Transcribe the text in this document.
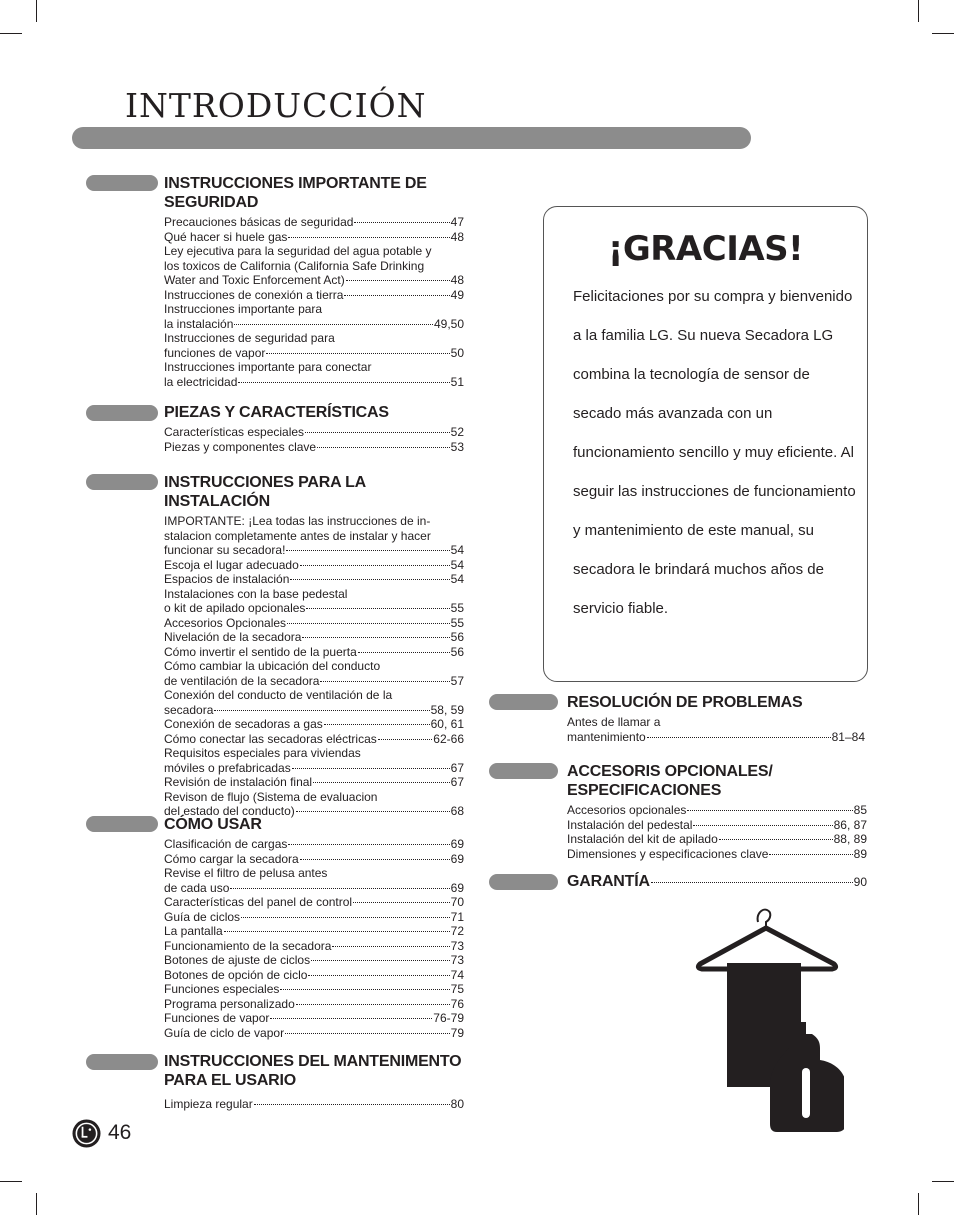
INTRODUCCIÓN
INSTRUCCIONES IMPORTANTE DE SEGURIDAD
Precauciones básicas de seguridad	47
Qué hacer si huele gas	48
Ley ejecutiva para la seguridad del agua potable y
los toxicos de California (California Safe Drinking
Water and Toxic Enforcement Act)	48
Instrucciones de conexión a tierra	49
Instrucciones importante para
la instalación	49,50
Instrucciones de seguridad para
funciones de vapor	50
Instrucciones importante para conectar
la electricidad	51
PIEZAS Y CARACTERÍSTICAS
Características especiales	52
Piezas y componentes clave	53
INSTRUCCIONES PARA LA INSTALACIÓN
IMPORTANTE: ¡Lea todas las instrucciones de in-
stalacion completamente antes de instalar y hacer
funcionar su secadora!	54
Escoja el lugar adecuado	54
Espacios de instalación	54
Instalaciones con la base pedestal
o kit de apilado opcionales	55
Accesorios Opcionales	55
Nivelación de la secadora	56
Cómo invertir el sentido de la puerta	56
Cómo cambiar la ubicación del conducto
de ventilación de la secadora	57
Conexión del conducto de ventilación de la
secadora	58, 59
Conexión de secadoras a gas	60, 61
Cómo conectar las secadoras eléctricas	62-66
Requisitos especiales para viviendas
móviles o prefabricadas	67
Revisión de instalación final	67
Revison de flujo (Sistema de evaluacion
del estado del conducto)	68
CÓMO USAR
Clasificación de cargas	69
Cómo cargar la secadora	69
Revise el filtro de pelusa antes
de cada uso	69
Características del panel de control	70
Guía de ciclos	71
La pantalla	72
Funcionamiento de la secadora	73
Botones de ajuste de ciclos	73
Botones de opción de ciclo	74
Funciones especiales	75
Programa personalizado	76
Funciones de vapor	76-79
Guía de ciclo de vapor	79
INSTRUCCIONES DEL MANTENIMENTO PARA EL USARIO
Limpieza regular	80
¡GRACIAS!
Felicitaciones por su compra y bienvenido a la familia LG. Su nueva Secadora LG combina la tecnología de sensor de secado más avanzada con un funcionamiento sencillo y muy eficiente. Al seguir las instrucciones de funcionamiento y mantenimiento de este manual, su secadora le brindará muchos años de servicio fiable.
RESOLUCIÓN DE PROBLEMAS
Antes de llamar a
mantenimiento	81–84
ACCESORIS OPCIONALES/ ESPECIFICACIONES
Accesorios opcionales	85
Instalación del pedestal	86, 87
Instalación del kit de apilado	88, 89
Dimensiones y especificaciones clave	89
GARANTÍA	90
46
